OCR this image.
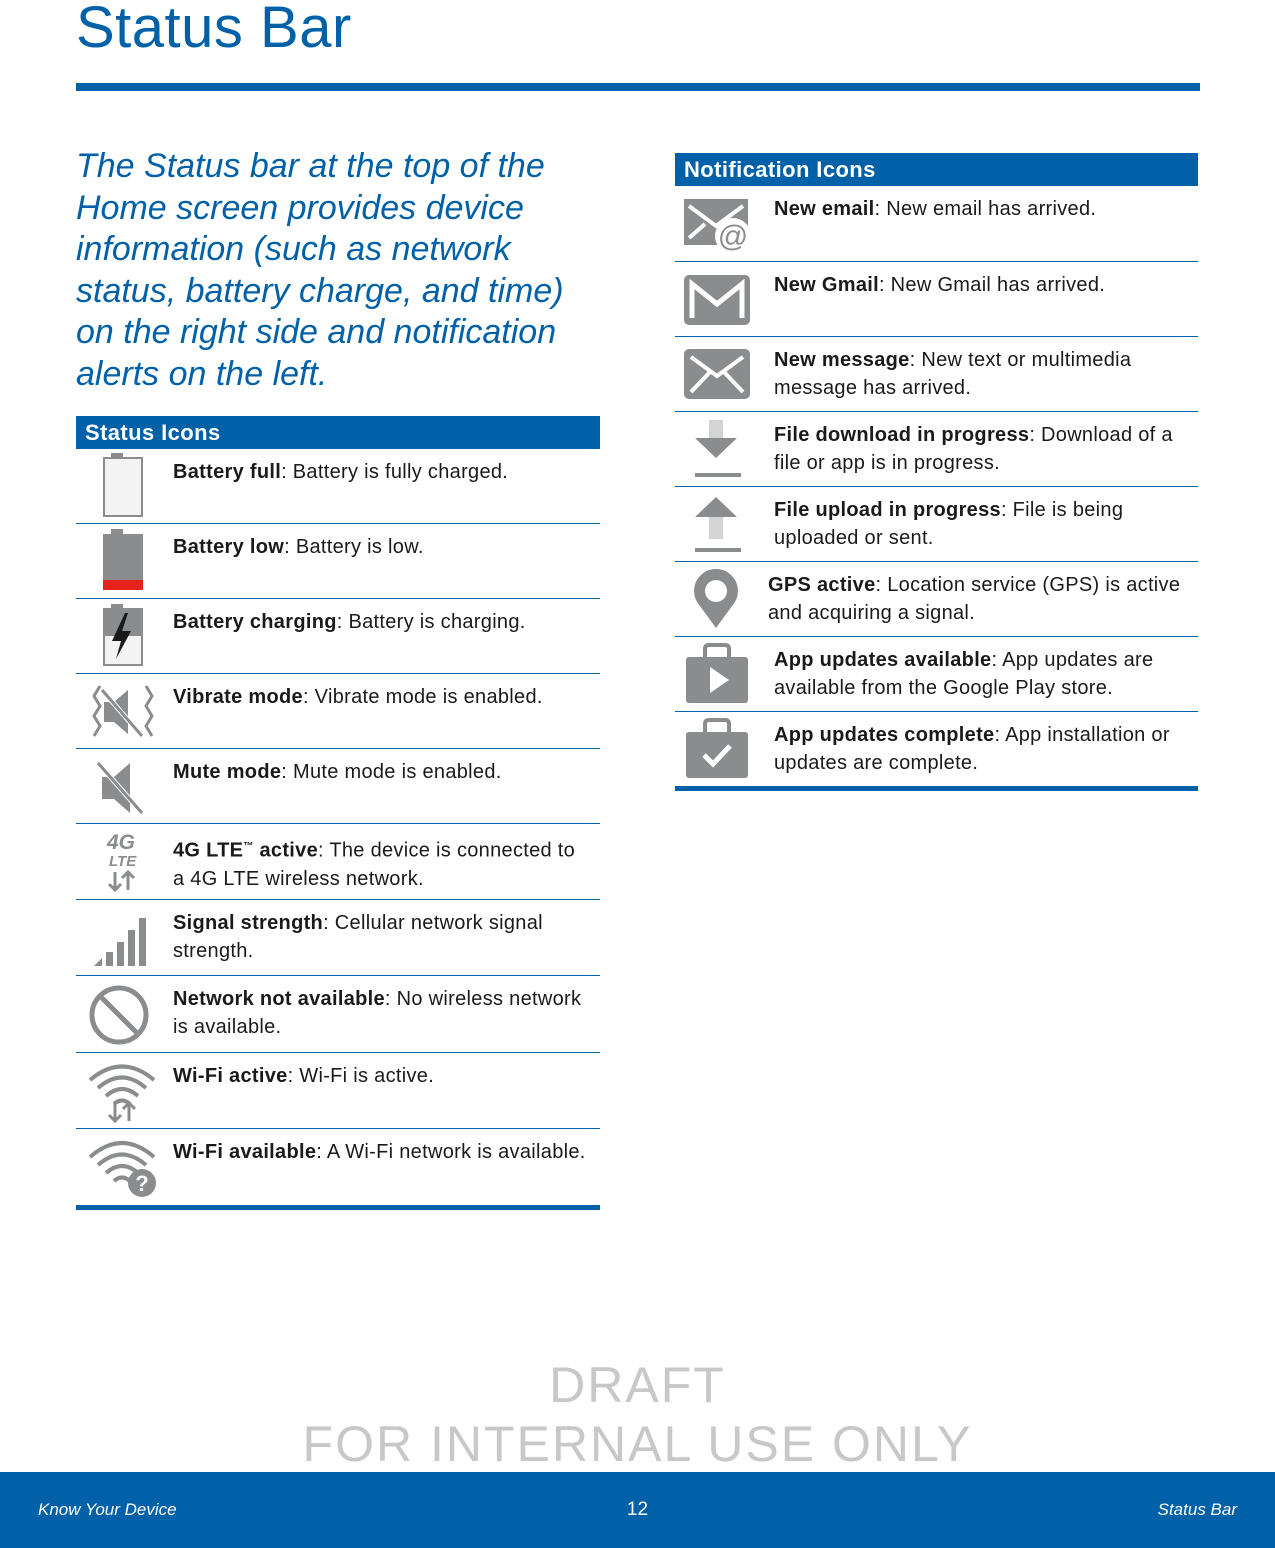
Status Bar

The Status bar at the top of the Home screen provides device information (such as network status, battery charge, and time) on the right side and notification alerts on the left.

Status Icons
Battery full: Battery is fully charged.
Battery low: Battery is low.
Battery charging: Battery is charging.
Vibrate mode: Vibrate mode is enabled.
Mute mode: Mute mode is enabled.
4G
LTE 4G LTE™ active: The device is connected to a 4G LTE wireless network.
Signal strength: Cellular network signal strength.
Network not available: No wireless network is available.
Wi-Fi active: Wi-Fi is active.
?
Wi-Fi available: A Wi-Fi network is available.
Notification Icons
@
New email: New email has arrived.
New Gmail: New Gmail has arrived.
New message: New text or multimedia message has arrived.
File download in progress: Download of a file or app is in progress.
File upload in progress: File is being uploaded or sent.
GPS active: Location service (GPS) is active and acquiring a signal.
App updates available: App updates are available from the Google Play store.
App updates complete: App installation or updates are complete.
DRAFT
FOR INTERNAL USE ONLY
Know Your Device	12	Status Bar
